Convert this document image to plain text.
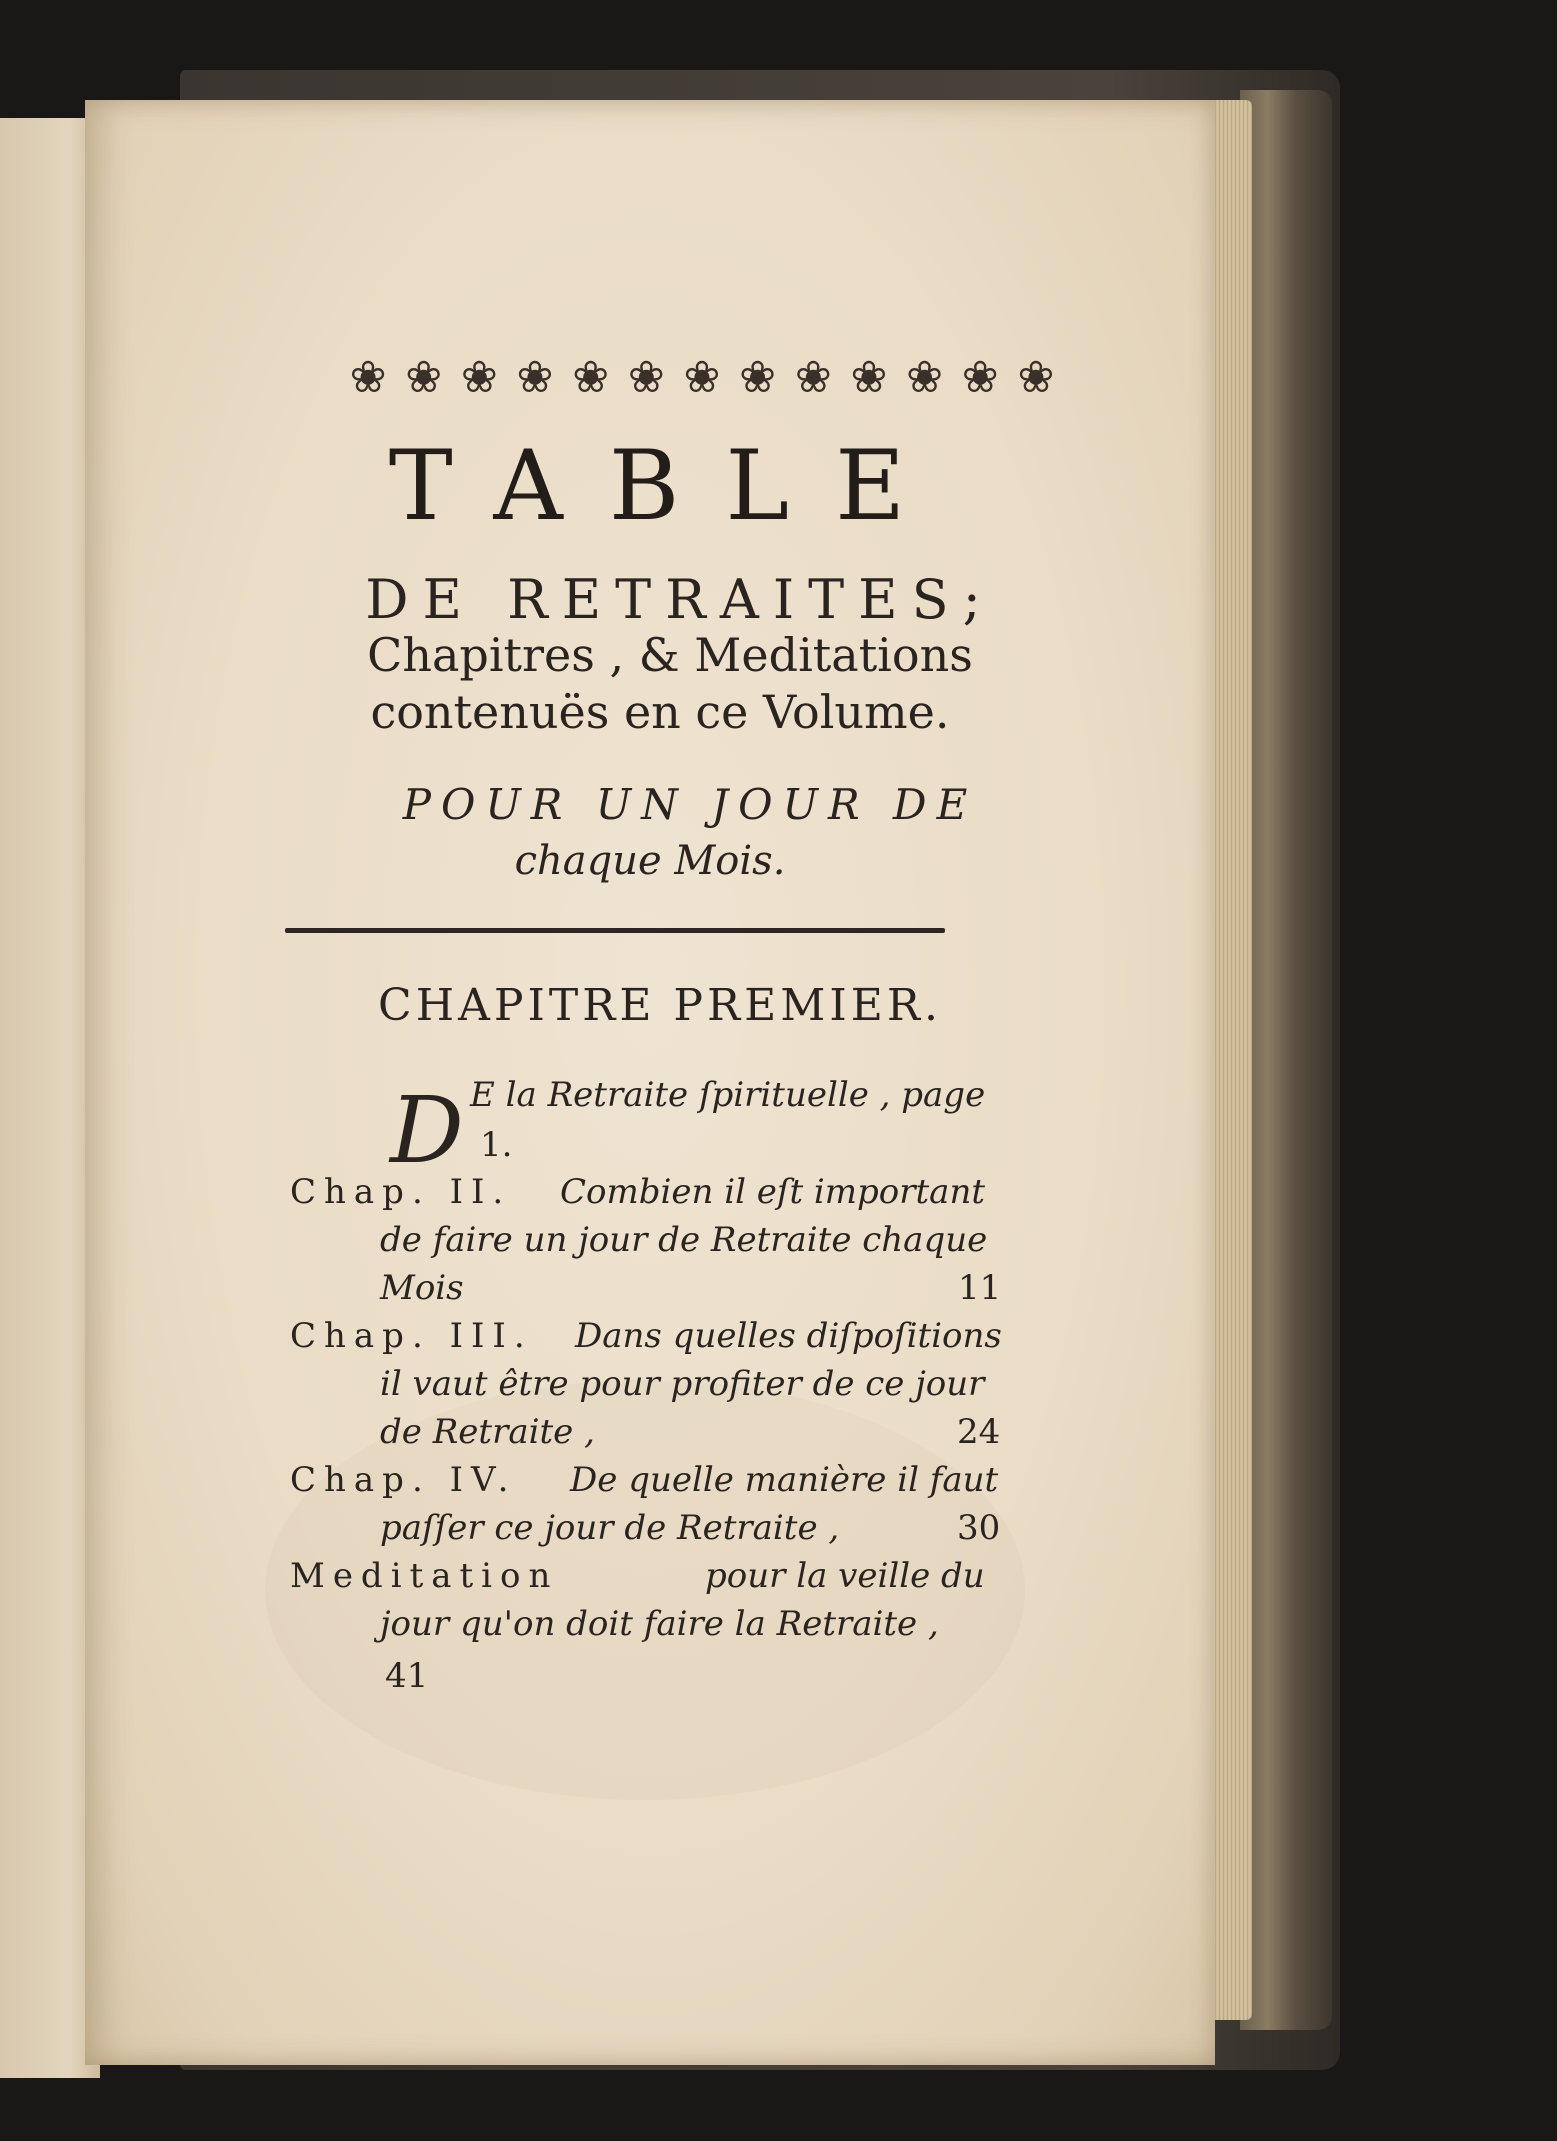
❀ ❀ ❀ ❀ ❀ ❀ ❀ ❀ ❀ ❀ ❀ ❀ ❀
TABLE
DE RETRAITES;
Chapitres , & Meditations
contenuës en ce Volume.
POUR UN JOUR DE
chaque Mois.
CHAPITRE PREMIER.
D E la Retraite ſpirituelle , page
1.
Chap. II. Combien il eſt important
de faire un jour de Retraite chaque
Mois	11
Chap. III. Dans quelles diſpoſitions
il vaut être pour profiter de ce jour
de Retraite ,	24
Chap. IV. De quelle manière il faut
paſſer ce jour de Retraite ,	30
Meditation	pour la veille du
jour qu'on doit faire la Retraite ,
41
